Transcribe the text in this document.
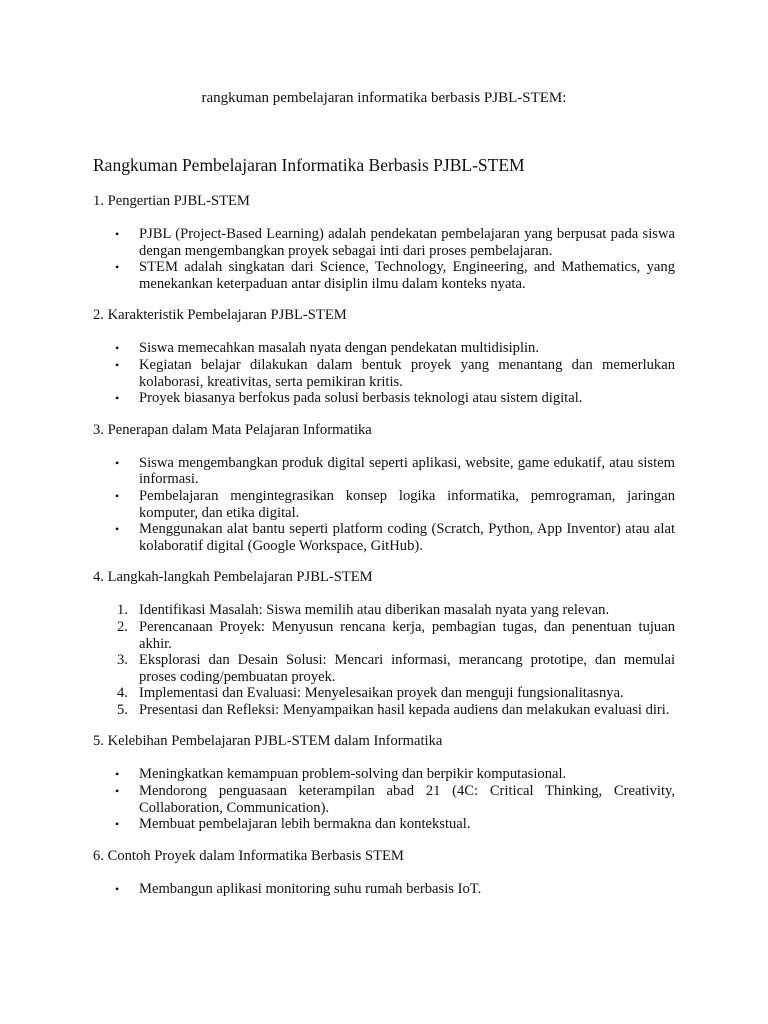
rangkuman pembelajaran informatika berbasis PJBL-STEM:
Rangkuman Pembelajaran Informatika Berbasis PJBL-STEM
1. Pengertian PJBL-STEM
•	PJBL (Project-Based Learning) adalah pendekatan pembelajaran yang berpusat pada siswa dengan mengembangkan proyek sebagai inti dari proses pembelajaran.
•	STEM adalah singkatan dari Science, Technology, Engineering, and Mathematics, yang menekankan keterpaduan antar disiplin ilmu dalam konteks nyata.
2. Karakteristik Pembelajaran PJBL-STEM
•	Siswa memecahkan masalah nyata dengan pendekatan multidisiplin.
•	Kegiatan belajar dilakukan dalam bentuk proyek yang menantang dan memerlukan kolaborasi, kreativitas, serta pemikiran kritis.
•	Proyek biasanya berfokus pada solusi berbasis teknologi atau sistem digital.
3. Penerapan dalam Mata Pelajaran Informatika
•	Siswa mengembangkan produk digital seperti aplikasi, website, game edukatif, atau sistem informasi.
•	Pembelajaran mengintegrasikan konsep logika informatika, pemrograman, jaringan komputer, dan etika digital.
•	Menggunakan alat bantu seperti platform coding (Scratch, Python, App Inventor) atau alat kolaboratif digital (Google Workspace, GitHub).
4. Langkah-langkah Pembelajaran PJBL-STEM
1. Identifikasi Masalah: Siswa memilih atau diberikan masalah nyata yang relevan.
2. Perencanaan Proyek: Menyusun rencana kerja, pembagian tugas, dan penentuan tujuan akhir.
3. Eksplorasi dan Desain Solusi: Mencari informasi, merancang prototipe, dan memulai proses coding/pembuatan proyek.
4. Implementasi dan Evaluasi: Menyelesaikan proyek dan menguji fungsionalitasnya.
5. Presentasi dan Refleksi: Menyampaikan hasil kepada audiens dan melakukan evaluasi diri.
5. Kelebihan Pembelajaran PJBL-STEM dalam Informatika
•	Meningkatkan kemampuan problem-solving dan berpikir komputasional.
•	Mendorong penguasaan keterampilan abad 21 (4C: Critical Thinking, Creativity, Collaboration, Communication).
•	Membuat pembelajaran lebih bermakna dan kontekstual.
6. Contoh Proyek dalam Informatika Berbasis STEM
•	Membangun aplikasi monitoring suhu rumah berbasis IoT.
